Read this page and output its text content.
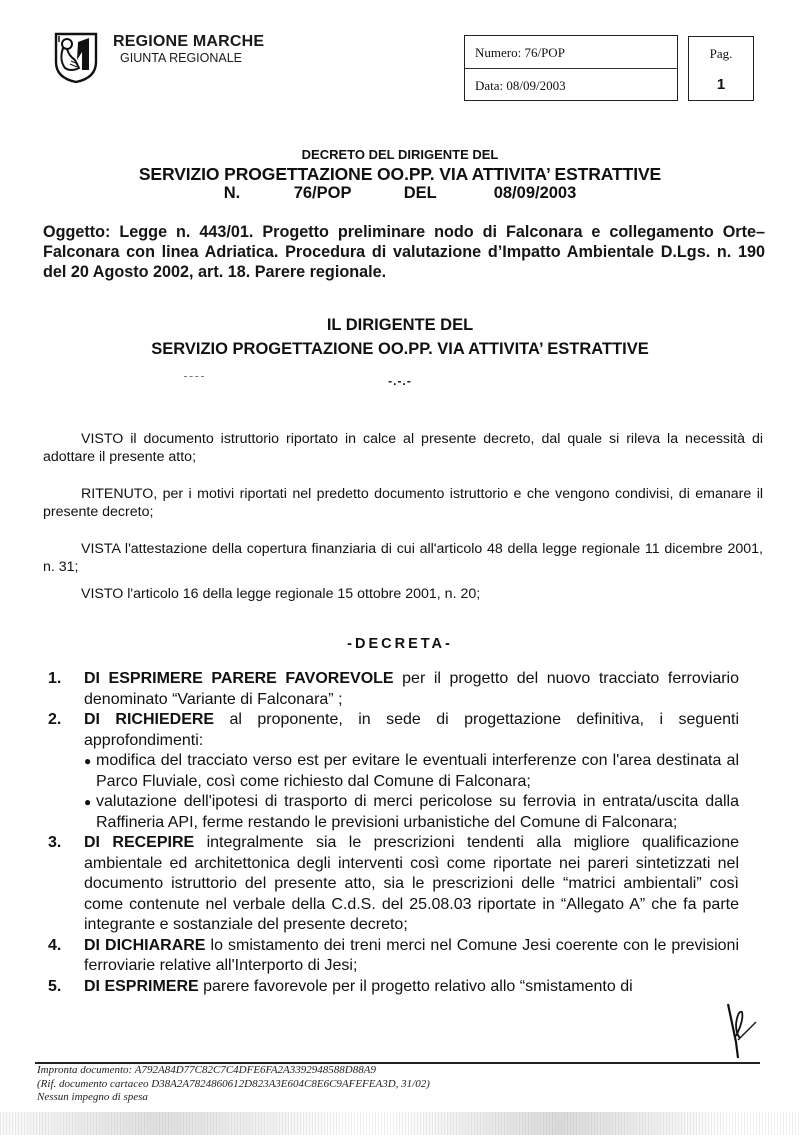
REGIONE MARCHE
GIUNTA REGIONALE	Numero: 76/POP
Data: 08/09/2003
Pag.
1
DECRETO DEL DIRIGENTE DEL
SERVIZIO PROGETTAZIONE OO.PP. VIA ATTIVITA’ ESTRATTIVE
N.	76/POP	DEL	08/09/2003
Oggetto: Legge n. 443/01. Progetto preliminare nodo di Falconara e collegamento Orte–Falconara con linea Adriatica. Procedura di valutazione d’Impatto Ambientale D.Lgs. n. 190 del 20 Agosto 2002, art. 18. Parere regionale.
IL DIRIGENTE DEL
SERVIZIO PROGETTAZIONE OO.PP. VIA ATTIVITA’ ESTRATTIVE
-.-.-
VISTO il documento istruttorio riportato in calce al presente decreto, dal quale si rileva la necessità di adottare il presente atto;
RITENUTO, per i motivi riportati nel predetto documento istruttorio e che vengono condivisi, di emanare il presente decreto;
VISTA l'attestazione della copertura finanziaria di cui all'articolo 48 della legge regionale 11 dicembre 2001, n. 31;
VISTO l'articolo 16 della legge regionale 15 ottobre 2001, n. 20;
-DECRETA-
1. DI ESPRIMERE PARERE FAVOREVOLE per il progetto del nuovo tracciato ferroviario denominato “Variante di Falconara” ;
2. DI RICHIEDERE al proponente, in sede di progettazione definitiva, i seguenti approfondimenti:
● modifica del tracciato verso est per evitare le eventuali interferenze con l'area destinata al Parco Fluviale, così come richiesto dal Comune di Falconara;
● valutazione dell'ipotesi di trasporto di merci pericolose su ferrovia in entrata/uscita dalla Raffineria API, ferme restando le previsioni urbanistiche del Comune di Falconara;
3. DI RECEPIRE integralmente sia le prescrizioni tendenti alla migliore qualificazione ambientale ed architettonica degli interventi così come riportate nei pareri sintetizzati nel documento istruttorio del presente atto, sia le prescrizioni delle “matrici ambientali” così come contenute nel verbale della C.d.S. del 25.08.03 riportate in “Allegato A” che fa parte integrante e sostanziale del presente decreto;
4. DI DICHIARARE lo smistamento dei treni merci nel Comune Jesi coerente con le previsioni ferroviarie relative all'Interporto di Jesi;
5. DI ESPRIMERE parere favorevole per il progetto relativo allo “smistamento di
Impronta documento: A792A84D77C82C7C4DFE6FA2A3392948588D88A9
(Rif. documento cartaceo D38A2A7824860612D823A3E604C8E6C9AFEFEA3D, 31/02)
Nessun impegno di spesa
